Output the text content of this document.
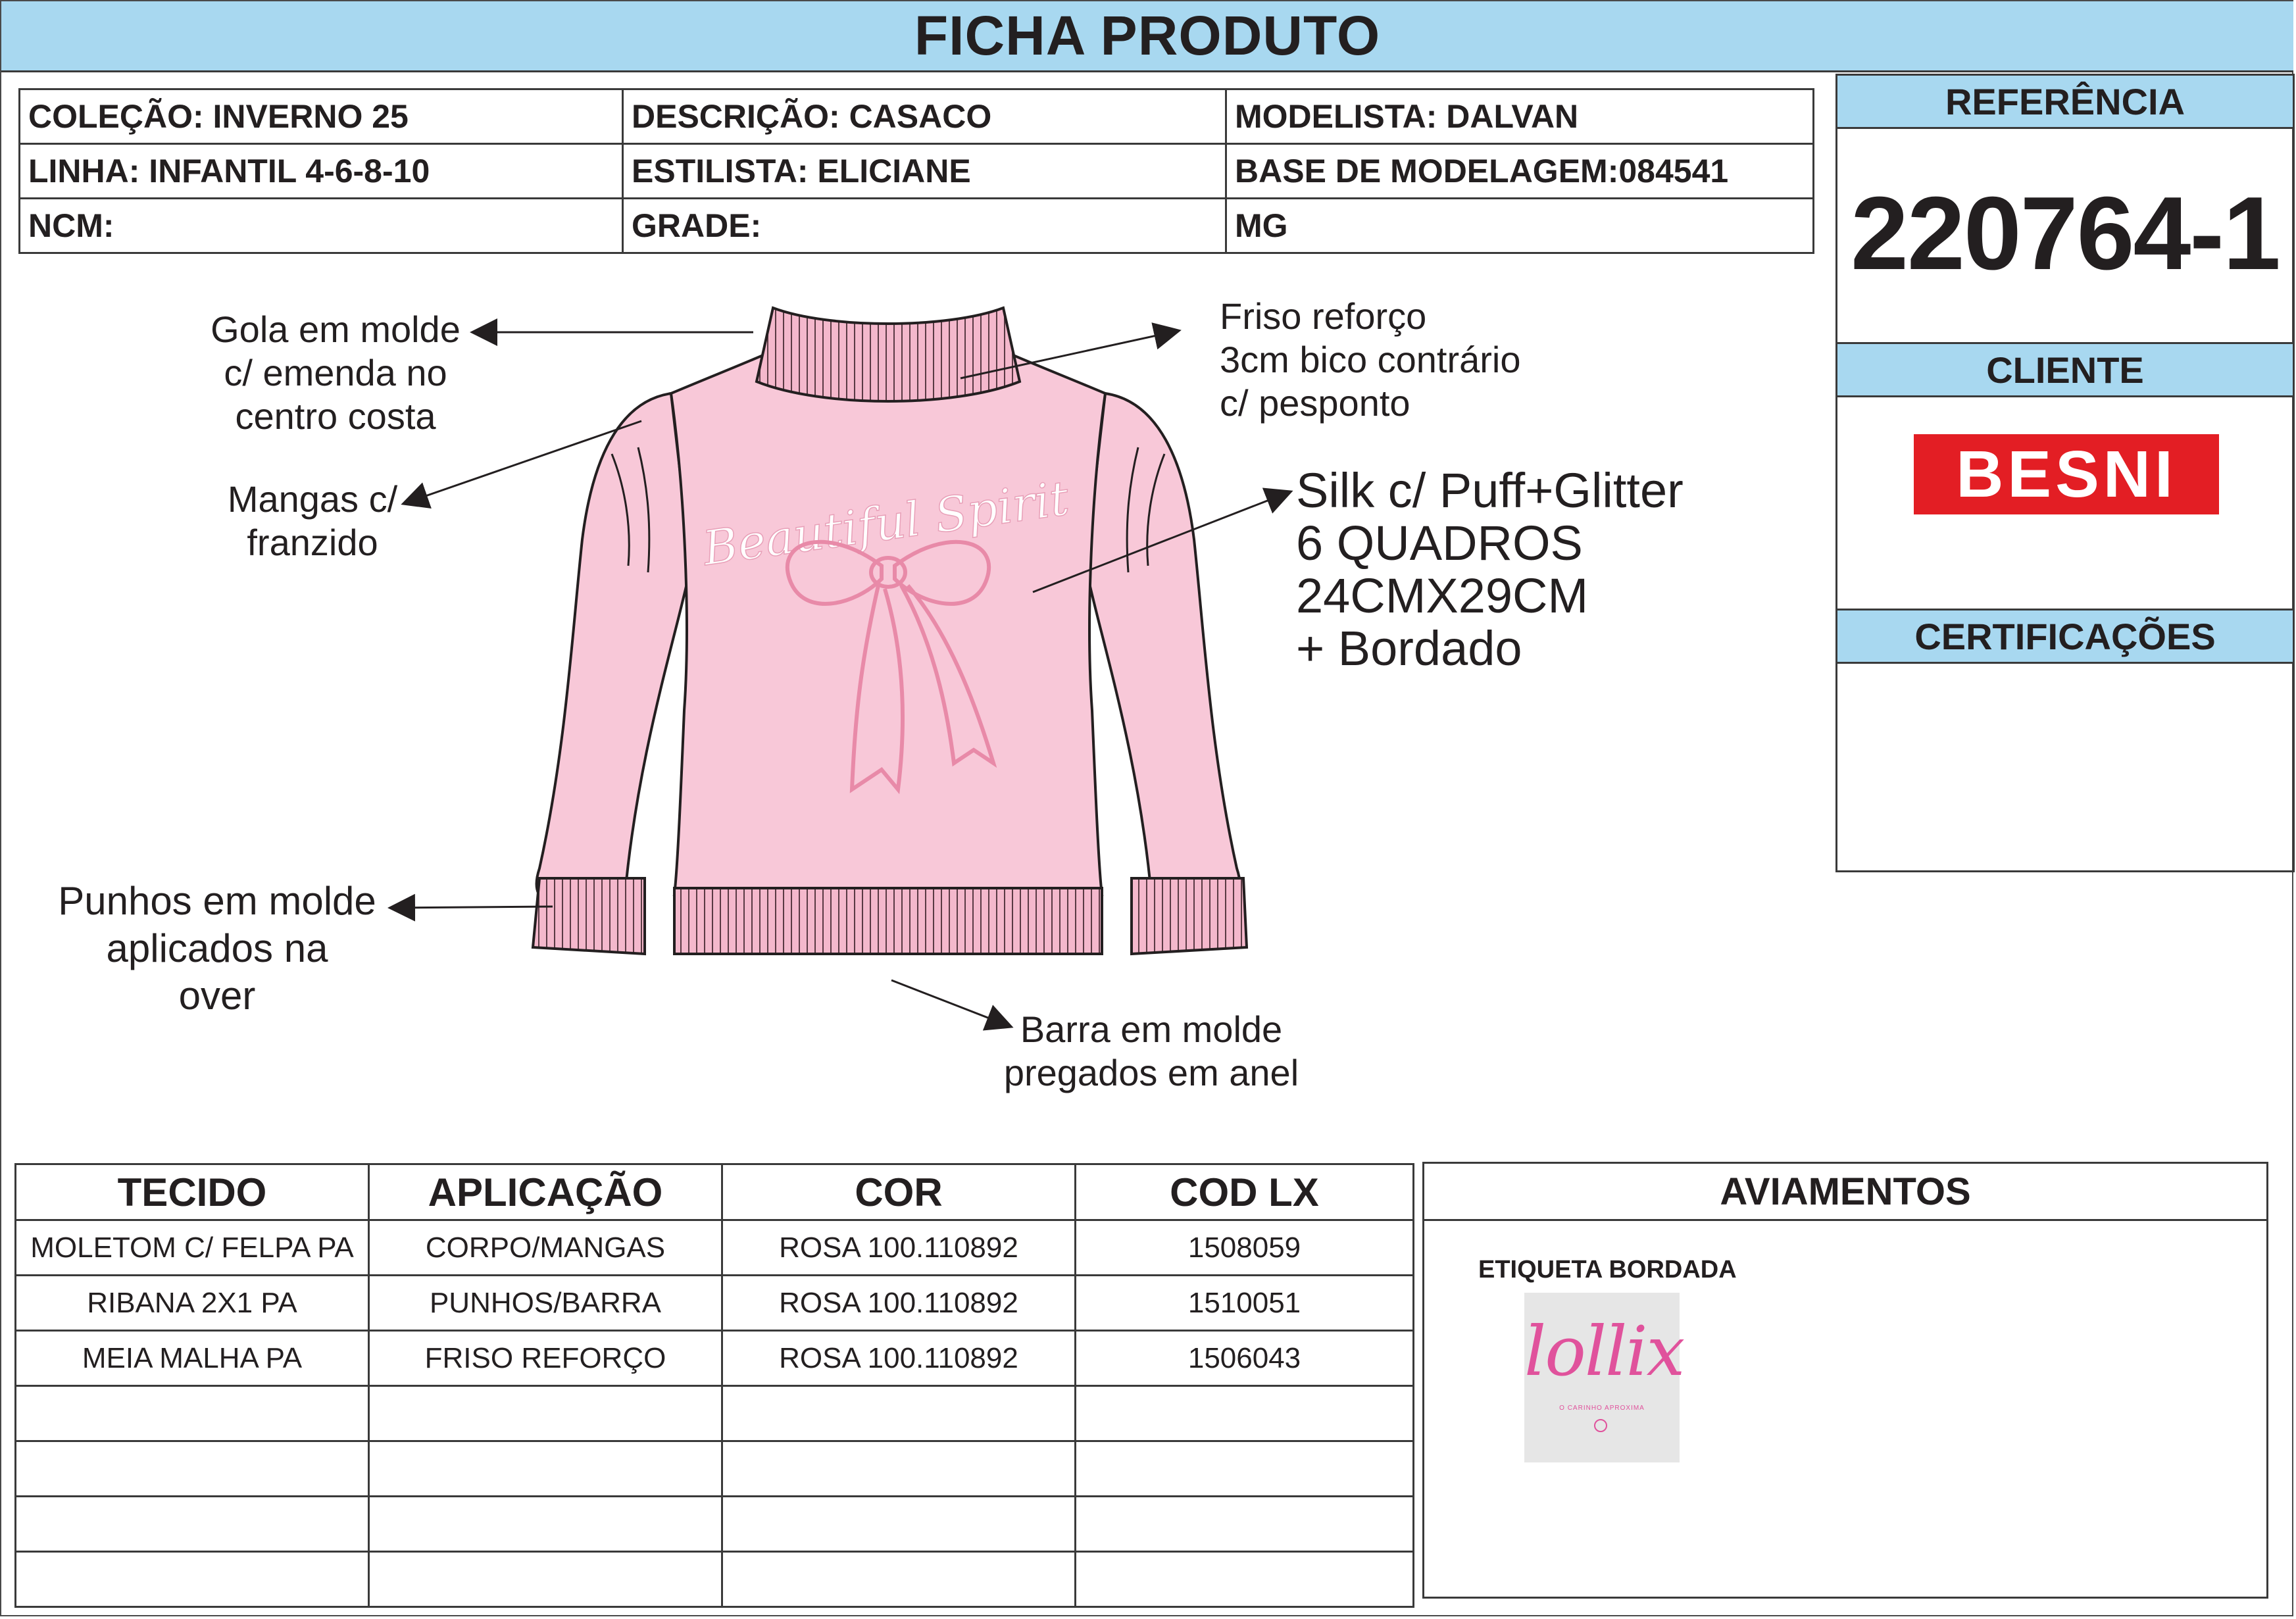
FICHA PRODUTO
COLEÇÃO: INVERNO 25	DESCRIÇÃO: CASACO	MODELISTA: DALVAN
LINHA: INFANTIL 4-6-8-10	ESTILISTA: ELICIANE	BASE DE MODELAGEM:084541
NCM:	GRADE:	MG
REFERÊNCIA
220764-1
CLIENTE
BESNI
CERTIFICAÇÕES
Beautiful Spirit
Gola em molde
c/ emenda no
centro costa
Mangas c/
franzido
Punhos em molde
aplicados na
over
Friso reforço
3cm bico contrário
c/ pesponto
Silk c/ Puff+Glitter
6 QUADROS
24CMX29CM
+ Bordado
Barra em molde
pregados em anel
TECIDO	APLICAÇÃO	COR	COD LX
MOLETOM C/ FELPA PA	CORPO/MANGAS	ROSA 100.110892	1508059
RIBANA 2X1 PA	PUNHOS/BARRA	ROSA 100.110892	1510051
MEIA MALHA PA	FRISO REFORÇO	ROSA 100.110892	1506043

AVIAMENTOS
ETIQUETA BORDADA
lollix
O CARINHO APROXIMA
